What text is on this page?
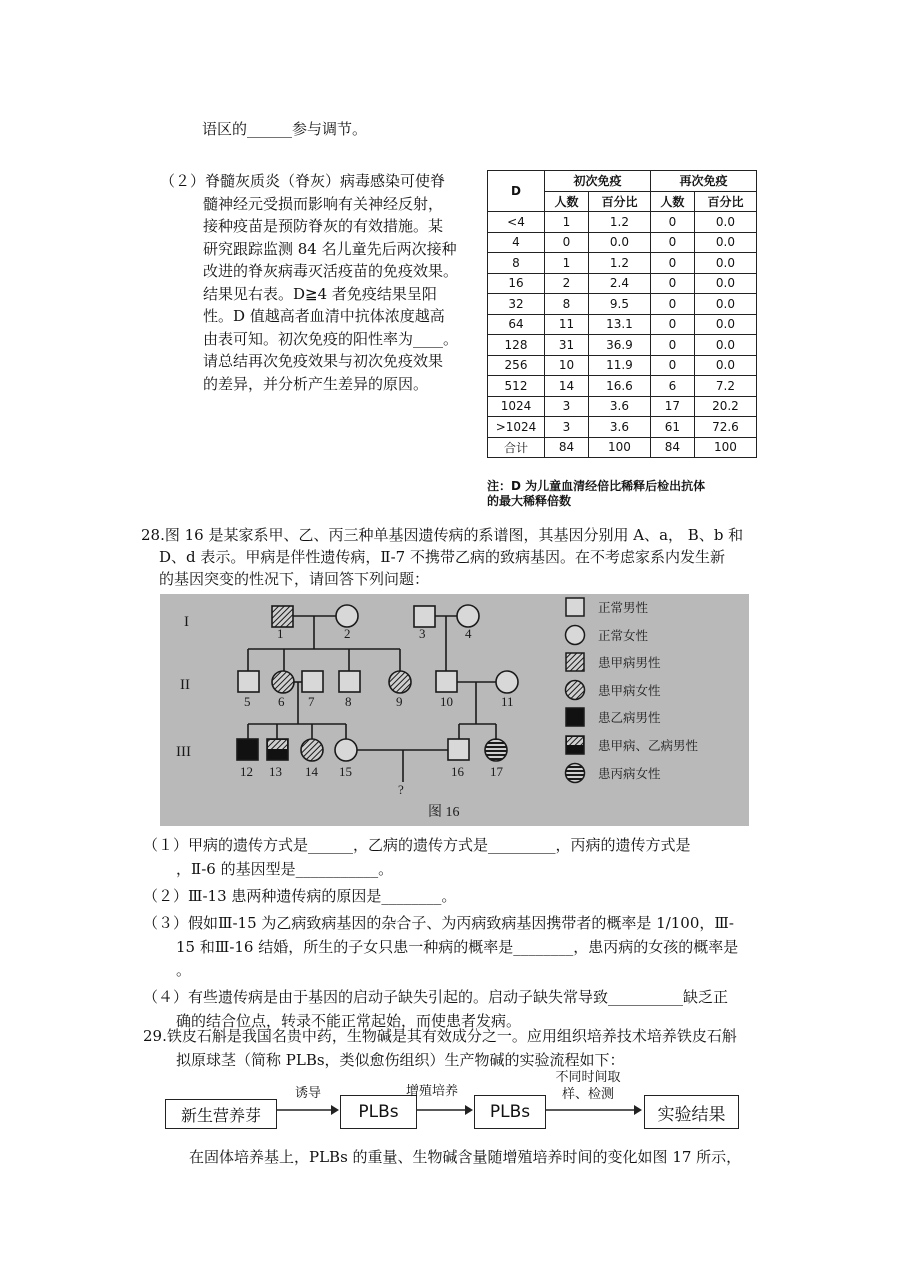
语区的______参与调节。

（２）脊髓灰质炎（脊灰）病毒感染可使脊

髓神经元受损而影响有关神经反射，

接种疫苗是预防脊灰的有效措施。某

研究跟踪监测 84 名儿童先后两次接种

改进的脊灰病毒灭活疫苗的免疫效果。

结果见右表。D≧4 者免疫结果呈阳

性。D 值越高者血清中抗体浓度越高

由表可知。初次免疫的阳性率为____。

请总结再次免疫效果与初次免疫效果

的差异，并分析产生差异的原因。

D	初次免疫		再次免疫	
	人数	百分比	人数	百分比
<4	1	1.2	0	0.0
4	0	0.0	0	0.0
8	1	1.2	0	0.0
16	2	2.4	0	0.0
32	8	9.5	0	0.0
64	11	13.1	0	0.0
128	31	36.9	0	0.0
256	10	11.9	0	0.0
512	14	16.6	6	7.2
1024	3	3.6	17	20.2
>1024	3	3.6	61	72.6
合计	84	100	84	100
注：D 为儿童血清经倍比稀释后检出抗体
的最大稀释倍数
28.图 16 是某家系甲、乙、丙三种单基因遗传病的系谱图，其基因分别用 A、a， B、b 和
D、d 表示。甲病是伴性遗传病，Ⅱ-7 不携带乙病的致病基因。在不考虑家系内发生新
的基因突变的性况下，请回答下列问题：
I
II
III
1	2	3	4
5 6 7 8	9	10	11
12 13 14 15	16 17
?
图 16
正常男性
正常女性
患甲病男性
患甲病女性
患乙病男性
患甲病、乙病男性
患丙病女性
（１）甲病的遗传方式是______，乙病的遗传方式是_________，丙病的遗传方式是
，Ⅱ-6 的基因型是___________。
（２）Ⅲ-13 患两种遗传病的原因是________。
（３）假如Ⅲ-15 为乙病致病基因的杂合子、为丙病致病基因携带者的概率是 1/100，Ⅲ-
15 和Ⅲ-16 结婚，所生的子女只患一种病的概率是________，患丙病的女孩的概率是
。
（４）有些遗传病是由于基因的启动子缺失引起的。启动子缺失常导致__________缺乏正
确的结合位点，转录不能正常起始，而使患者发病。
29.铁皮石斛是我国名贵中药，生物碱是其有效成分之一。应用组织培养技术培养铁皮石斛
拟原球茎（简称 PLBs，类似愈伤组织）生产物碱的实验流程如下：
新生营养芽
诱导
PLBs
增殖培养
PLBs
不同时间取
样、检测
实验结果
在固体培养基上，PLBs 的重量、生物碱含量随增殖培养时间的变化如图 17 所示，
